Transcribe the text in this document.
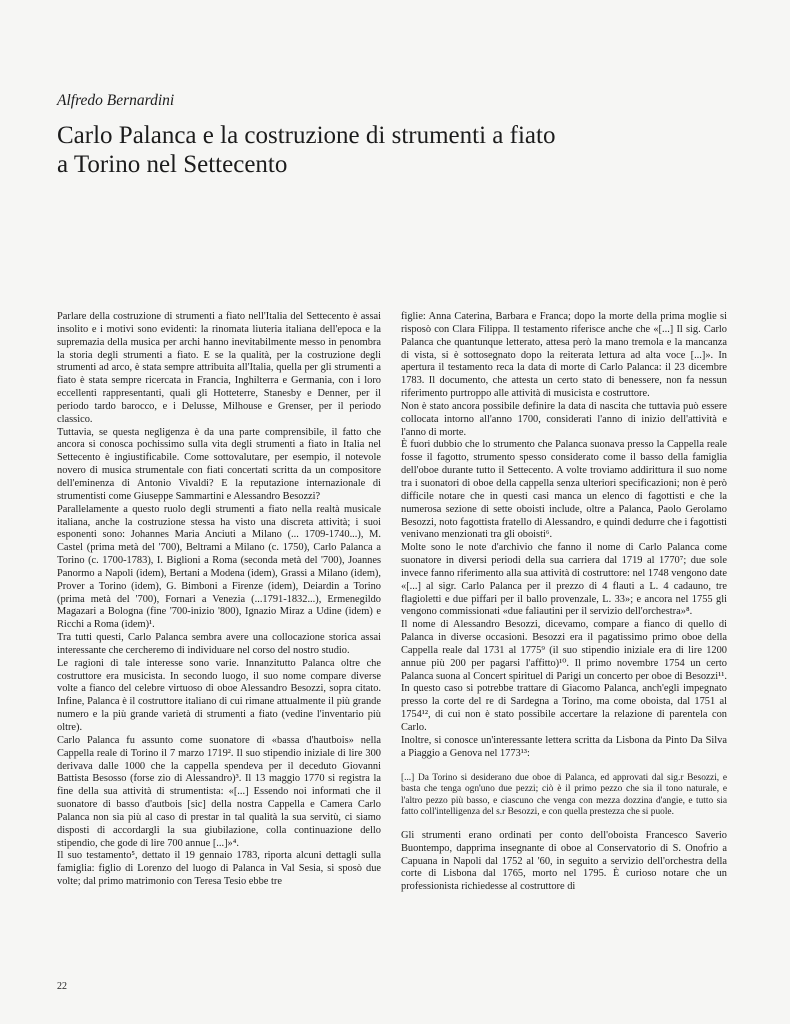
Alfredo Bernardini
Carlo Palanca e la costruzione di strumenti a fiato
a Torino nel Settecento

Parlare della costruzione di strumenti a fiato nell'Italia del Settecento è assai insolito e i motivi sono evidenti: la rinomata liuteria italiana dell'epoca e la supremazia della musica per archi hanno inevitabilmente messo in penombra la storia degli strumenti a fiato. E se la qualità, per la costruzione degli strumenti ad arco, è stata sempre attribuita all'Italia, quella per gli strumenti a fiato è stata sempre ricercata in Francia, Inghilterra e Germania, con i loro eccellenti rappresentanti, quali gli Hotteterre, Stanesby e Denner, per il periodo tardo barocco, e i Delusse, Milhouse e Grenser, per il periodo classico.

Tuttavia, se questa negligenza è da una parte comprensibile, il fatto che ancora si conosca pochissimo sulla vita degli strumenti a fiato in Italia nel Settecento è ingiustificabile. Come sottovalutare, per esempio, il notevole novero di musica strumentale con fiati concertati scritta da un compositore dell'eminenza di Antonio Vivaldi? E la reputazione internazionale di strumentisti come Giuseppe Sammartini e Alessandro Besozzi?

Parallelamente a questo ruolo degli strumenti a fiato nella realtà musicale italiana, anche la costruzione stessa ha visto una discreta attività; i suoi esponenti sono: Johannes Maria Anciuti a Milano (... 1709-1740...), M. Castel (prima metà del '700), Beltrami a Milano (c. 1750), Carlo Palanca a Torino (c. 1700-1783), I. Biglioni a Roma (seconda metà del '700), Joannes Panormo a Napoli (idem), Bertani a Modena (idem), Grassi a Milano (idem), Prover a Torino (idem), G. Bimboni a Firenze (idem), Deiardin a Torino (prima metà del '700), Fornari a Venezia (...1791-1832...), Ermenegildo Magazari a Bologna (fine '700-inizio '800), Ignazio Miraz a Udine (idem) e Ricchi a Roma (idem)¹.

Tra tutti questi, Carlo Palanca sembra avere una collocazione storica assai interessante che cercheremo di individuare nel corso del nostro studio.

Le ragioni di tale interesse sono varie. Innanzitutto Palanca oltre che costruttore era musicista. In secondo luogo, il suo nome compare diverse volte a fianco del celebre virtuoso di oboe Alessandro Besozzi, sopra citato. Infine, Palanca è il costruttore italiano di cui rimane attualmente il più grande numero e la più grande varietà di strumenti a fiato (vedine l'inventario più oltre).

Carlo Palanca fu assunto come suonatore di «bassa d'hautbois» nella Cappella reale di Torino il 7 marzo 1719². Il suo stipendio iniziale di lire 300 derivava dalle 1000 che la cappella spendeva per il deceduto Giovanni Battista Besosso (forse zio di Alessandro)³. Il 13 maggio 1770 si registra la fine della sua attività di strumentista: «[...] Essendo noi informati che il suonatore di basso d'autbois [sic] della nostra Cappella e Camera Carlo Palanca non sia più al caso di prestar in tal qualità la sua servitù, ci siamo disposti di accordargli la sua giubilazione, colla continuazione dello stipendio, che gode di lire 700 annue [...]»⁴.

Il suo testamento⁵, dettato il 19 gennaio 1783, riporta alcuni dettagli sulla famiglia: figlio di Lorenzo del luogo di Palanca in Val Sesia, si sposò due volte; dal primo matrimonio con Teresa Tesio ebbe tre

figlie: Anna Caterina, Barbara e Franca; dopo la morte della prima moglie si risposò con Clara Filippa. Il testamento riferisce anche che «[...] Il sig. Carlo Palanca che quantunque letterato, attesa però la mano tremola e la mancanza di vista, si è sottosegnato dopo la reiterata lettura ad alta voce [...]». In apertura il testamento reca la data di morte di Carlo Palanca: il 23 dicembre 1783. Il documento, che attesta un certo stato di benessere, non fa nessun riferimento purtroppo alle attività di musicista e costruttore.

Non è stato ancora possibile definire la data di nascita che tuttavia può essere collocata intorno all'anno 1700, considerati l'anno di inizio dell'attività e l'anno di morte.

È fuori dubbio che lo strumento che Palanca suonava presso la Cappella reale fosse il fagotto, strumento spesso considerato come il basso della famiglia dell'oboe durante tutto il Settecento. A volte troviamo addirittura il suo nome tra i suonatori di oboe della cappella senza ulteriori specificazioni; non è però difficile notare che in questi casi manca un elenco di fagottisti e che la numerosa sezione di sette oboisti include, oltre a Palanca, Paolo Gerolamo Besozzi, noto fagottista fratello di Alessandro, e quindi dedurre che i fagottisti venivano menzionati tra gli oboisti⁶.

Molte sono le note d'archivio che fanno il nome di Carlo Palanca come suonatore in diversi periodi della sua carriera dal 1719 al 1770⁷; due sole invece fanno riferimento alla sua attività di costruttore: nel 1748 vengono date «[...] al sigr. Carlo Palanca per il prezzo di 4 flauti a L. 4 cadauno, tre flagioletti e due piffari per il ballo provenzale, L. 33»; e ancora nel 1755 gli vengono commissionati «due faliautini per il servizio dell'orchestra»⁸.

Il nome di Alessandro Besozzi, dicevamo, compare a fianco di quello di Palanca in diverse occasioni. Besozzi era il pagatissimo primo oboe della Cappella reale dal 1731 al 1775⁹ (il suo stipendio iniziale era di lire 1200 annue più 200 per pagarsi l'affitto)¹⁰. Il primo novembre 1754 un certo Palanca suona al Concert spirituel di Parigi un concerto per oboe di Besozzi¹¹. In questo caso si potrebbe trattare di Giacomo Palanca, anch'egli impegnato presso la corte del re di Sardegna a Torino, ma come oboista, dal 1751 al 1754¹², di cui non è stato possibile accertare la relazione di parentela con Carlo.

Inoltre, si conosce un'interessante lettera scritta da Lisbona da Pinto Da Silva a Piaggio a Genova nel 1773¹³:

[...] Da Torino si desiderano due oboe di Palanca, ed approvati dal sig.r Besozzi, e basta che tenga ogn'uno due pezzi; ciò è il primo pezzo che sia il tono naturale, e l'altro pezzo più basso, e ciascuno che venga con mezza dozzina d'angie, e tutto sia fatto coll'intelligenza del s.r Besozzi, e con quella prestezza che si puole.

Gli strumenti erano ordinati per conto dell'oboista Francesco Saverio Buontempo, dapprima insegnante di oboe al Conservatorio di S. Onofrio a Capuana in Napoli dal 1752 al '60, in seguito a servizio dell'orchestra della corte di Lisbona dal 1765, morto nel 1795. È curioso notare che un professionista richiedesse al costruttore di

22
